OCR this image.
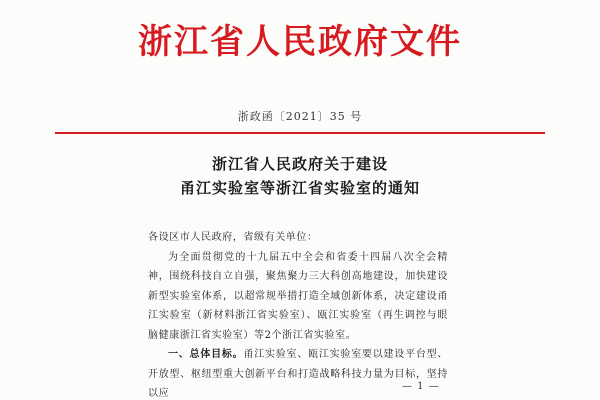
浙江省人民政府文件
浙政函〔2021〕35 号
浙江省人民政府关于建设
甬江实验室等浙江省实验室的通知

各设区市人民政府，省级有关单位：

为全面贯彻党的十九届五中全会和省委十四届八次全会精神，围绕科技自立自强，聚焦聚力三大科创高地建设，加快建设新型实验室体系，以超常规举措打造全域创新体系，决定建设甬江实验室（新材料浙江省实验室）、瓯江实验室（再生调控与眼脑健康浙江省实验室）等2个浙江省实验室。

一、总体目标。甬江实验室、瓯江实验室要以建设平台型、开放型、枢纽型重大创新平台和打造战略科技力量为目标，坚持以应

— 1 —
